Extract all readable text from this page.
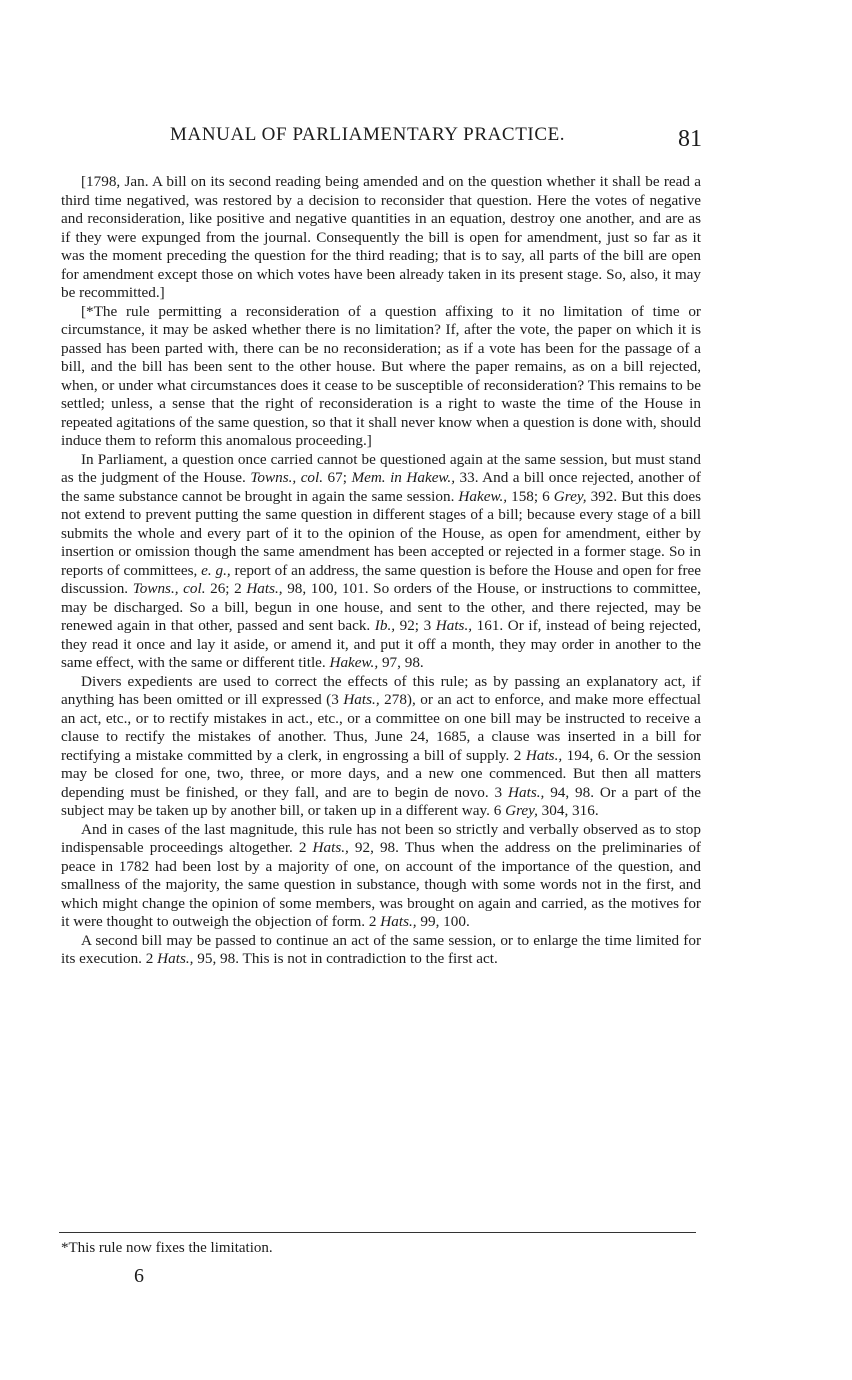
MANUAL OF PARLIAMENTARY PRACTICE.	81

[1798, Jan. A bill on its second reading being amended and on the question whether it shall be read a third time negatived, was restored by a decision to reconsider that question. Here the votes of negative and reconsideration, like positive and negative quantities in an equation, destroy one another, and are as if they were expunged from the journal. Consequently the bill is open for amendment, just so far as it was the moment preceding the question for the third reading; that is to say, all parts of the bill are open for amendment except those on which votes have been already taken in its present stage. So, also, it may be recommitted.]

[*The rule permitting a reconsideration of a question affixing to it no limitation of time or circumstance, it may be asked whether there is no limitation? If, after the vote, the paper on which it is passed has been parted with, there can be no reconsideration; as if a vote has been for the passage of a bill, and the bill has been sent to the other house. But where the paper remains, as on a bill rejected, when, or under what circumstances does it cease to be susceptible of reconsideration? This remains to be settled; unless, a sense that the right of reconsideration is a right to waste the time of the House in repeated agitations of the same question, so that it shall never know when a question is done with, should induce them to reform this anomalous proceeding.]

In Parliament, a question once carried cannot be questioned again at the same session, but must stand as the judgment of the House. Towns., col. 67; Mem. in Hakew., 33. And a bill once rejected, another of the same substance cannot be brought in again the same session. Hakew., 158; 6 Grey, 392. But this does not extend to prevent putting the same question in different stages of a bill; because every stage of a bill submits the whole and every part of it to the opinion of the House, as open for amendment, either by insertion or omission though the same amendment has been accepted or rejected in a former stage. So in reports of committees, e. g., report of an address, the same question is before the House and open for free discussion. Towns., col. 26; 2 Hats., 98, 100, 101. So orders of the House, or instructions to committee, may be discharged. So a bill, begun in one house, and sent to the other, and there rejected, may be renewed again in that other, passed and sent back. Ib., 92; 3 Hats., 161. Or if, instead of being rejected, they read it once and lay it aside, or amend it, and put it off a month, they may order in another to the same effect, with the same or different title. Hakew., 97, 98.

Divers expedients are used to correct the effects of this rule; as by passing an explanatory act, if anything has been omitted or ill expressed (3 Hats., 278), or an act to enforce, and make more effectual an act, etc., or to rectify mistakes in act., etc., or a committee on one bill may be instructed to receive a clause to rectify the mistakes of another. Thus, June 24, 1685, a clause was inserted in a bill for rectifying a mistake committed by a clerk, in engrossing a bill of supply. 2 Hats., 194, 6. Or the session may be closed for one, two, three, or more days, and a new one commenced. But then all matters depending must be finished, or they fall, and are to begin de novo. 3 Hats., 94, 98. Or a part of the subject may be taken up by another bill, or taken up in a different way. 6 Grey, 304, 316.

And in cases of the last magnitude, this rule has not been so strictly and verbally observed as to stop indispensable proceedings altogether. 2 Hats., 92, 98. Thus when the address on the preliminaries of peace in 1782 had been lost by a majority of one, on account of the importance of the question, and smallness of the majority, the same question in substance, though with some words not in the first, and which might change the opinion of some members, was brought on again and carried, as the motives for it were thought to outweigh the objection of form. 2 Hats., 99, 100.

A second bill may be passed to continue an act of the same session, or to enlarge the time limited for its execution. 2 Hats., 95, 98. This is not in contradiction to the first act.

*This rule now fixes the limitation.
6
